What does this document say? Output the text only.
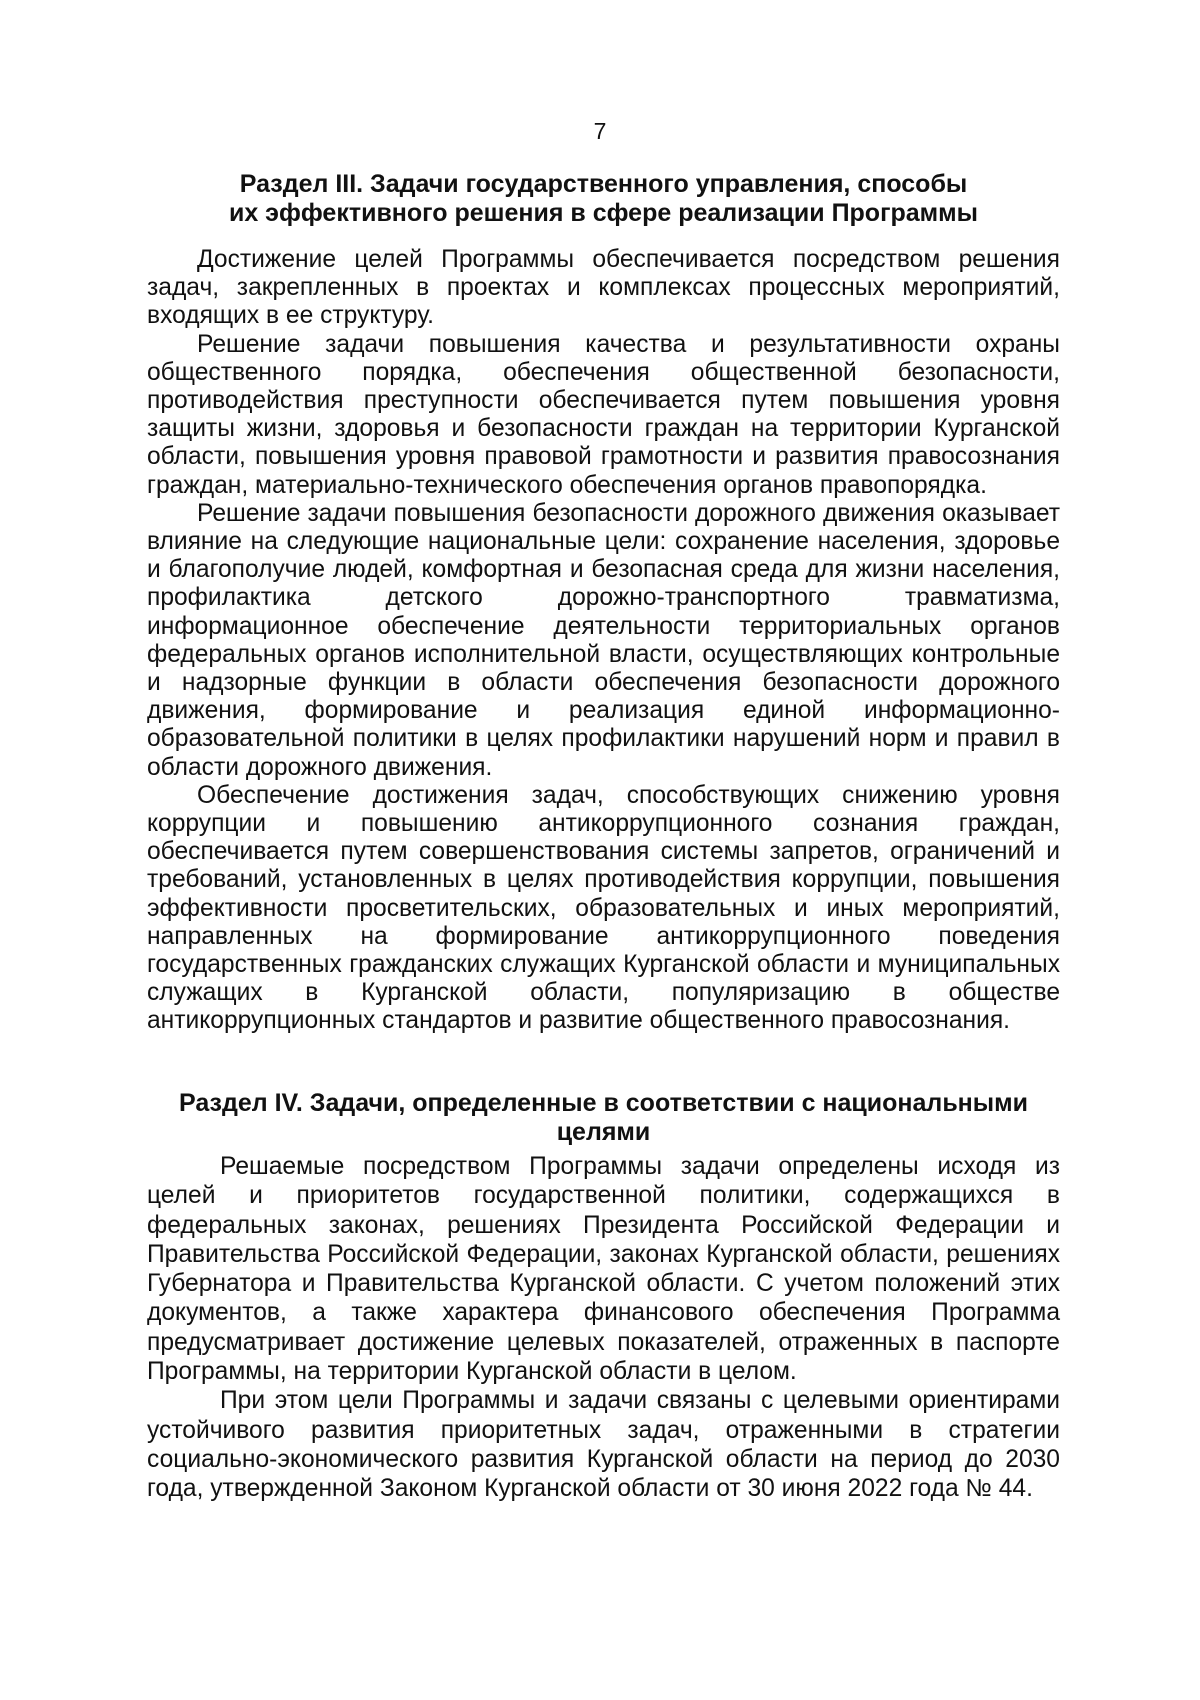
7
Раздел III. Задачи государственного управления, способы
их эффективного решения в сфере реализации Программы

Достижение целей Программы обеспечивается посредством решения задач, закрепленных в проектах и комплексах процессных мероприятий, входящих в ее структуру.

Решение задачи повышения качества и результативности охраны общественного порядка, обеспечения общественной безопасности, противодействия преступности обеспечивается путем повышения уровня защиты жизни, здоровья и безопасности граждан на территории Курганской области, повышения уровня правовой грамотности и развития правосознания граждан, материально-технического обеспечения органов правопорядка.

Решение задачи повышения безопасности дорожного движения оказывает влияние на следующие национальные цели: сохранение населения, здоровье и благополучие людей, комфортная и безопасная среда для жизни населения, профилактика детского дорожно-транспортного травматизма, информационное обеспечение деятельности территориальных органов федеральных органов исполнительной власти, осуществляющих контрольные и надзорные функции в области обеспечения безопасности дорожного движения, формирование и реализация единой информационно-образовательной политики в целях профилактики нарушений норм и правил в области дорожного движения.

Обеспечение достижения задач, способствующих снижению уровня коррупции и повышению антикоррупционного сознания граждан, обеспечивается путем совершенствования системы запретов, ограничений и требований, установленных в целях противодействия коррупции, повышения эффективности просветительских, образовательных и иных мероприятий, направленных на формирование антикоррупционного поведения государственных гражданских служащих Курганской области и муниципальных служащих в Курганской области, популяризацию в обществе антикоррупционных стандартов и развитие общественного правосознания.

Раздел IV. Задачи, определенные в соответствии с национальными целями

Решаемые посредством Программы задачи определены исходя из целей и приоритетов государственной политики, содержащихся в федеральных законах, решениях Президента Российской Федерации и Правительства Российской Федерации, законах Курганской области, решениях Губернатора и Правительства Курганской области. С учетом положений этих документов, а также характера финансового обеспечения Программа предусматривает достижение целевых показателей, отраженных в паспорте Программы, на территории Курганской области в целом.

При этом цели Программы и задачи связаны с целевыми ориентирами устойчивого развития приоритетных задач, отраженными в стратегии социально-экономического развития Курганской области на период до 2030 года, утвержденной Законом Курганской области от 30 июня 2022 года № 44.
